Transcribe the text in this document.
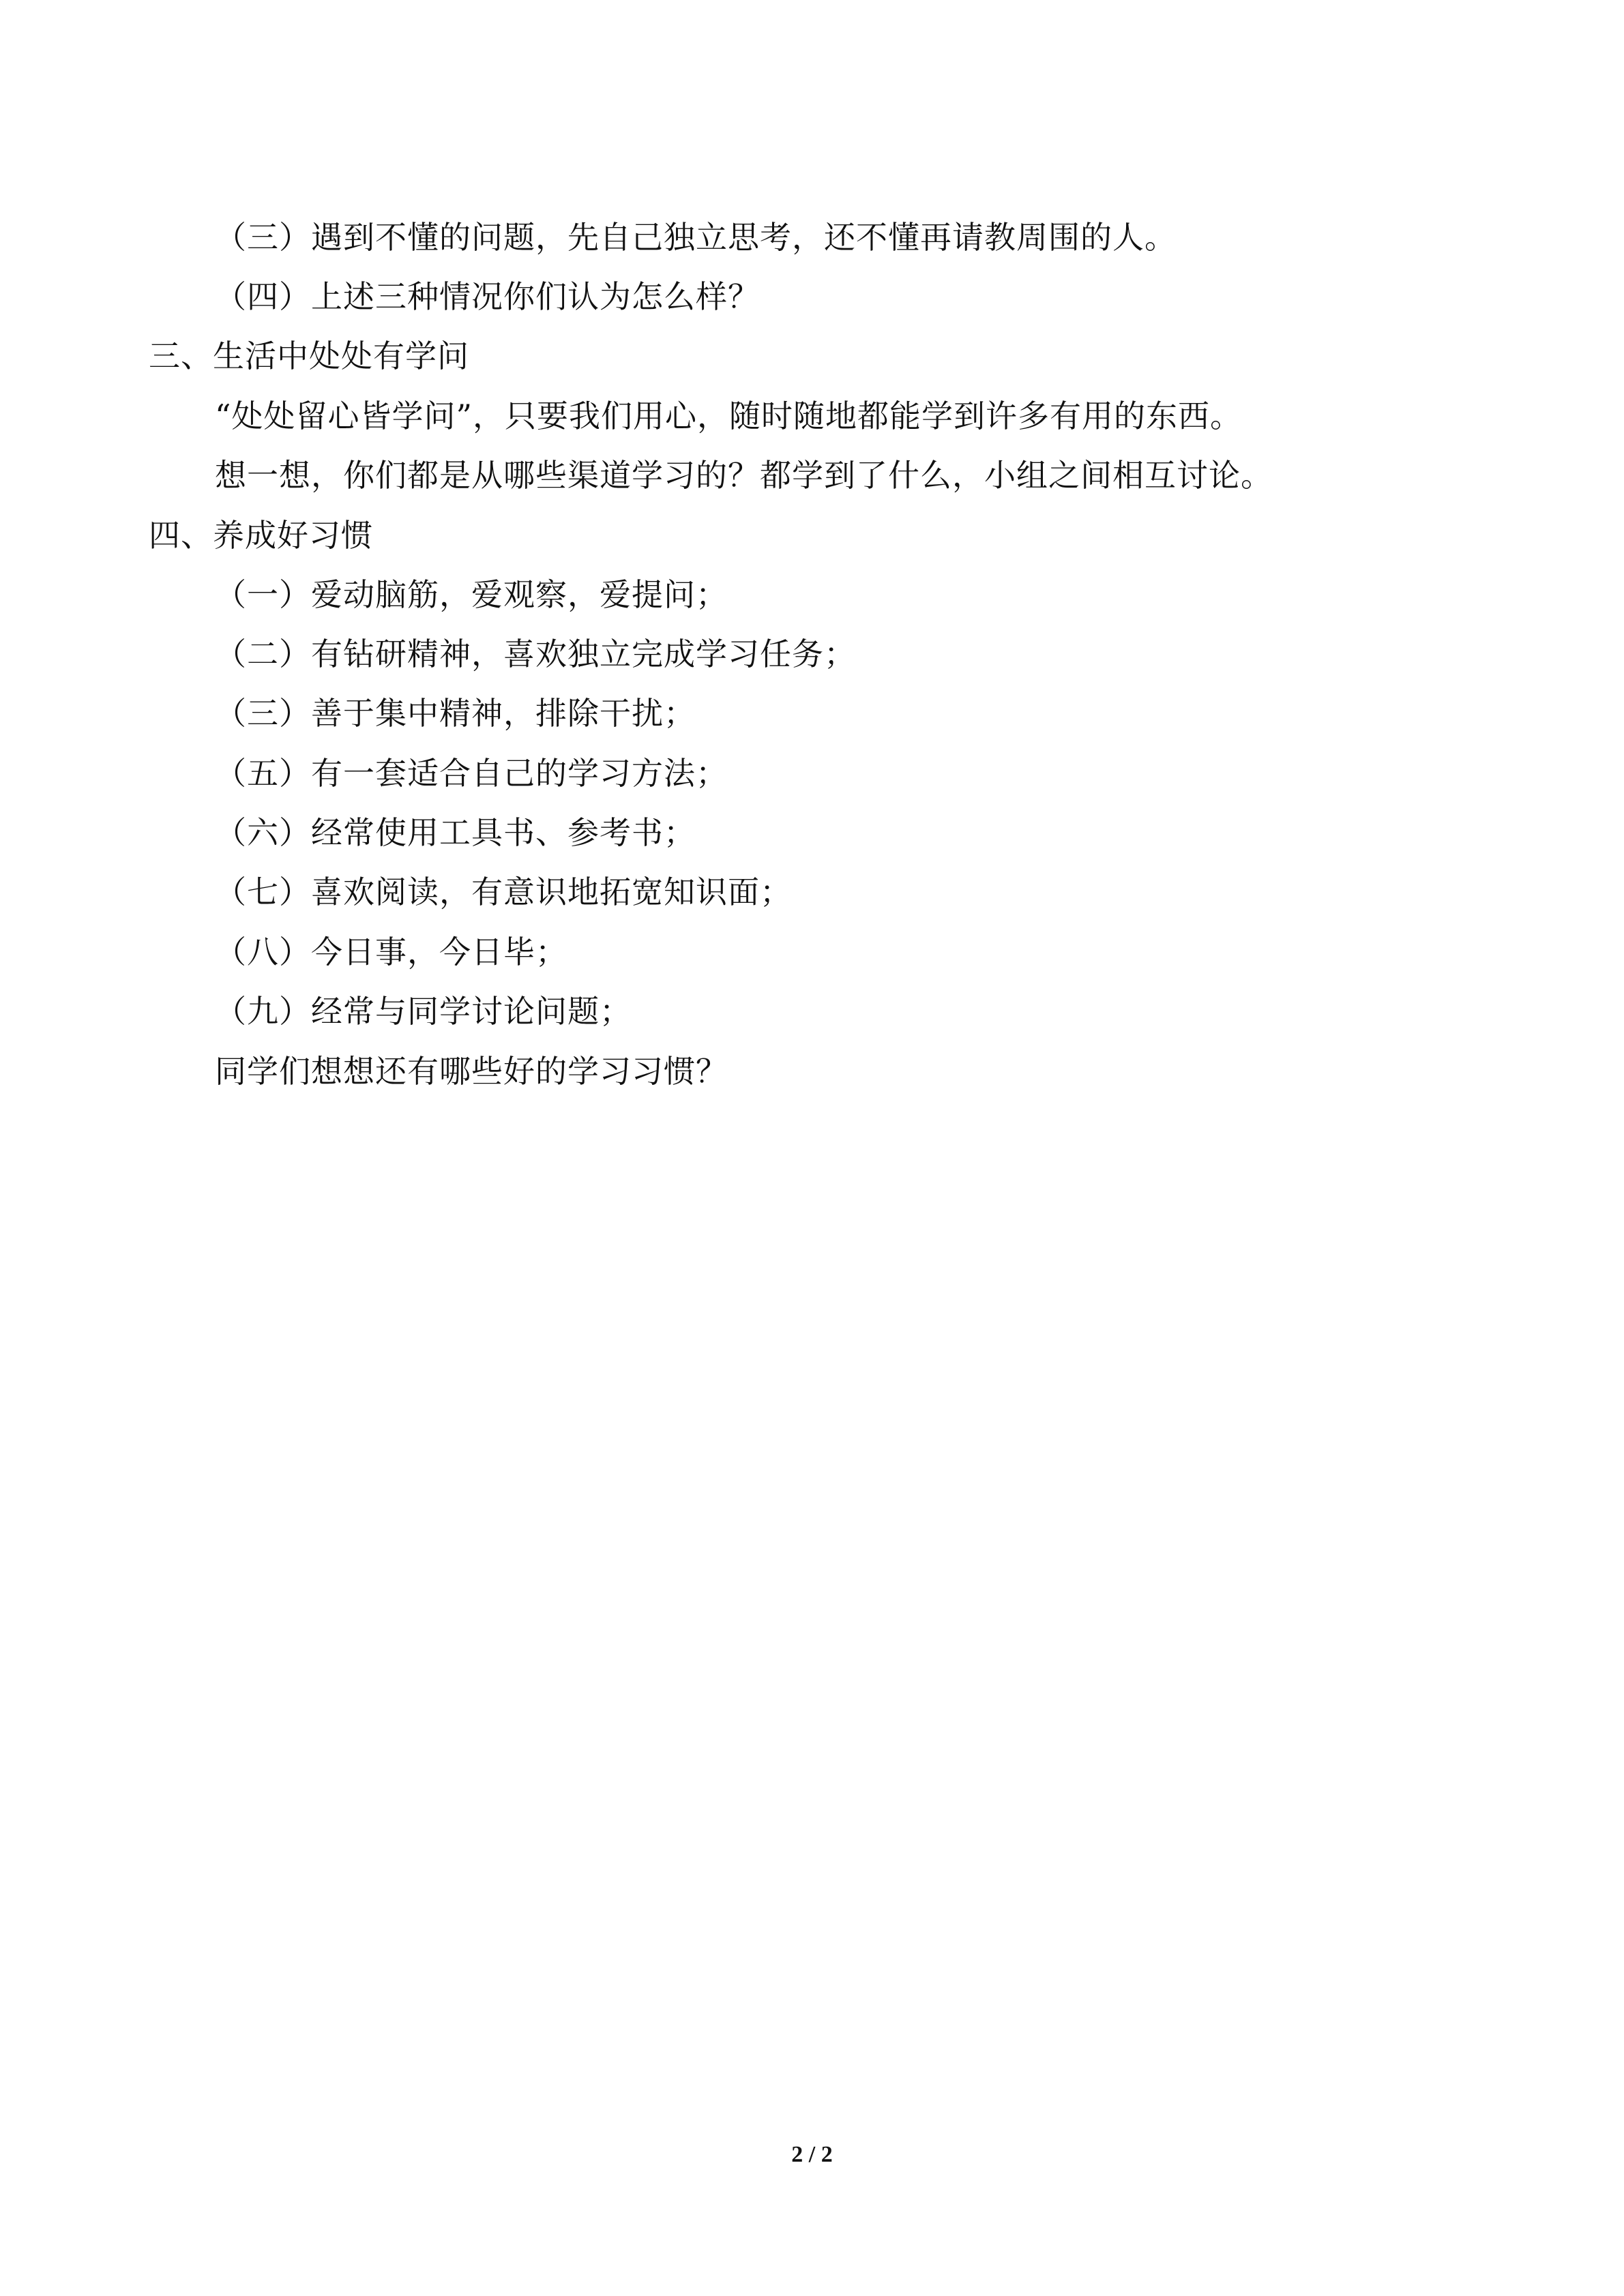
（三）遇到不懂的问题，先自己独立思考，还不懂再请教周围的人。
（四）上述三种情况你们认为怎么样？
三、生活中处处有学问
“处处留心皆学问”，只要我们用心，随时随地都能学到许多有用的东西。
想一想，你们都是从哪些渠道学习的？都学到了什么，小组之间相互讨论。
四、养成好习惯
（一）爱动脑筋，爱观察，爱提问；
（二）有钻研精神，喜欢独立完成学习任务；
（三）善于集中精神，排除干扰；
（五）有一套适合自己的学习方法；
（六）经常使用工具书、参考书；
（七）喜欢阅读，有意识地拓宽知识面；
（八）今日事，今日毕；
（九）经常与同学讨论问题；
同学们想想还有哪些好的学习习惯？
2 / 2
